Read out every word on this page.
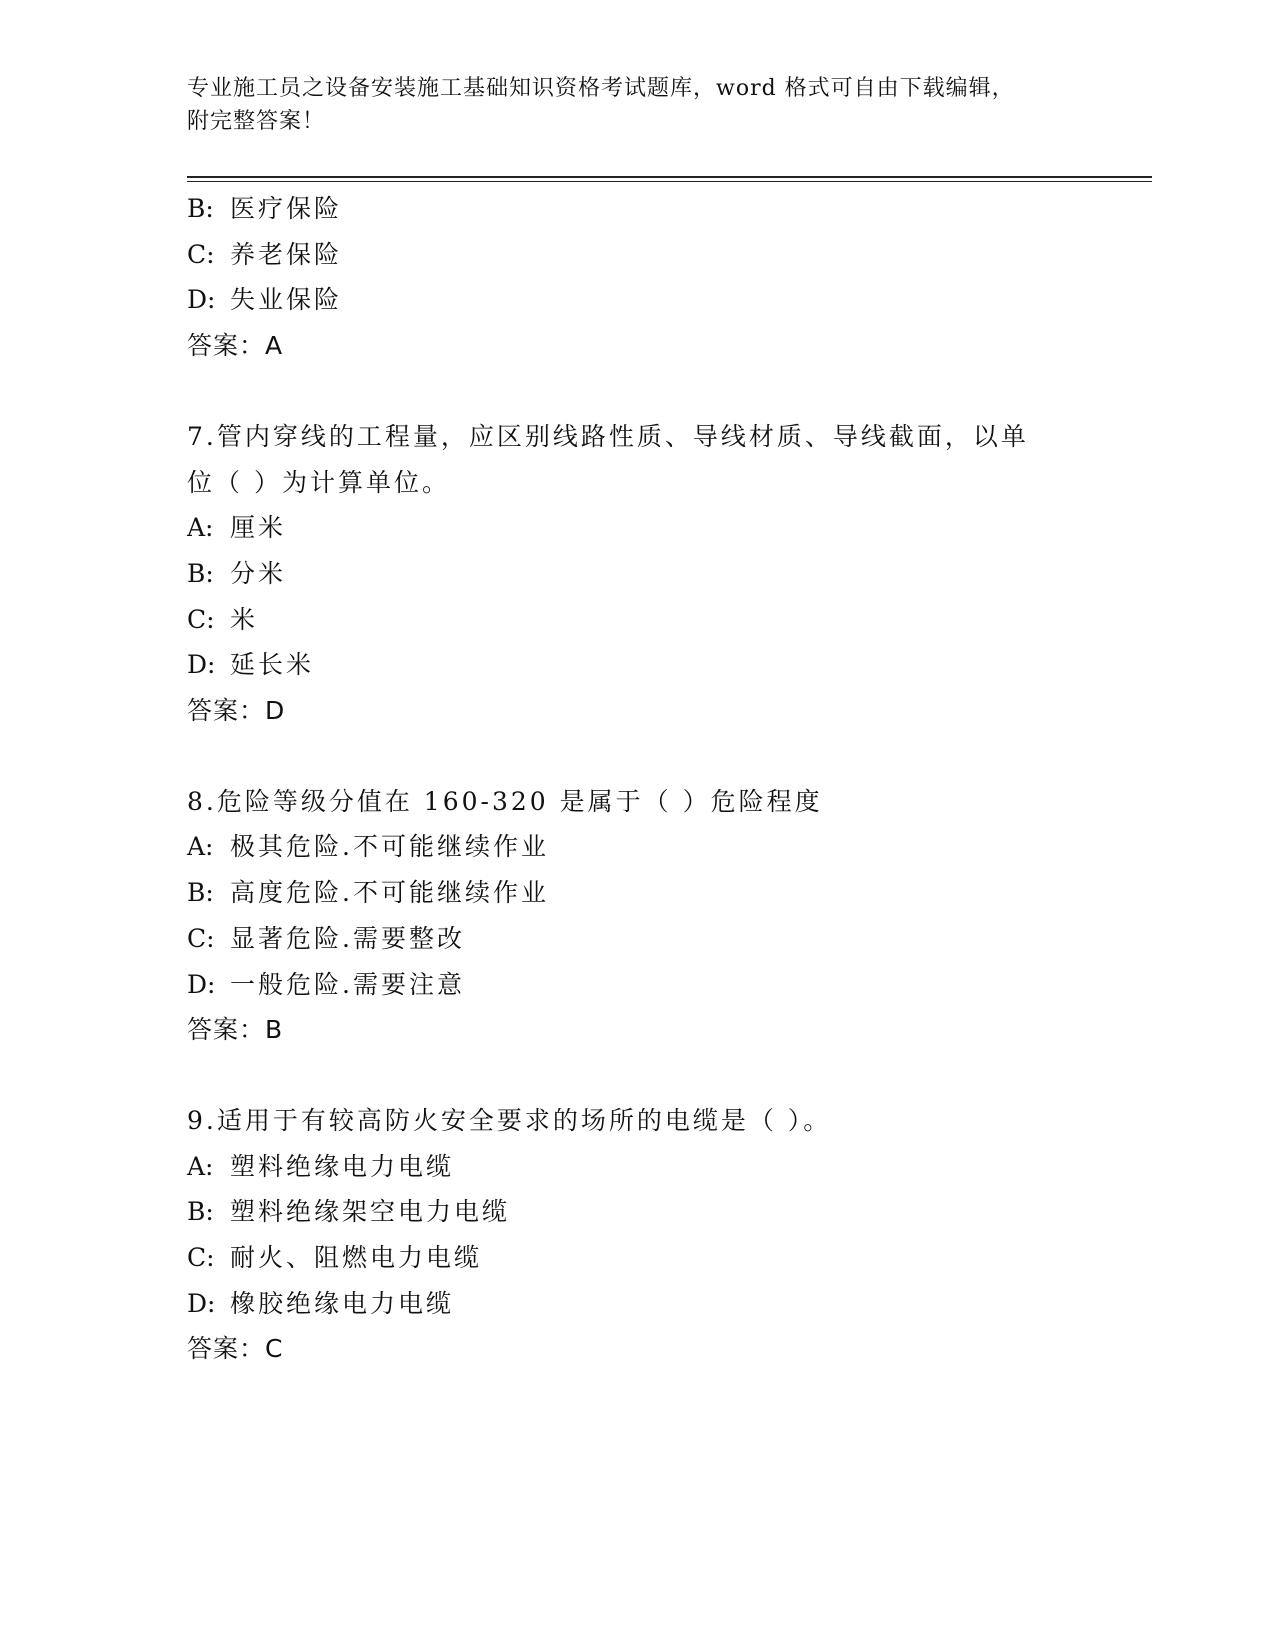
专业施工员之设备安装施工基础知识资格考试题库，word 格式可自由下载编辑，
附完整答案！
B: 医疗保险
C: 养老保险
D: 失业保险
答案：A
7.管内穿线的工程量，应区别线路性质、导线材质、导线截面，以单
位（ ）为计算单位。
A: 厘米
B: 分米
C: 米
D: 延长米
答案：D
8.危险等级分值在 160-320 是属于（ ）危险程度
A: 极其危险.不可能继续作业
B: 高度危险.不可能继续作业
C: 显著危险.需要整改
D: 一般危险.需要注意
答案：B
9.适用于有较高防火安全要求的场所的电缆是（ ）。
A: 塑料绝缘电力电缆
B: 塑料绝缘架空电力电缆
C: 耐火、阻燃电力电缆
D: 橡胶绝缘电力电缆
答案：C
